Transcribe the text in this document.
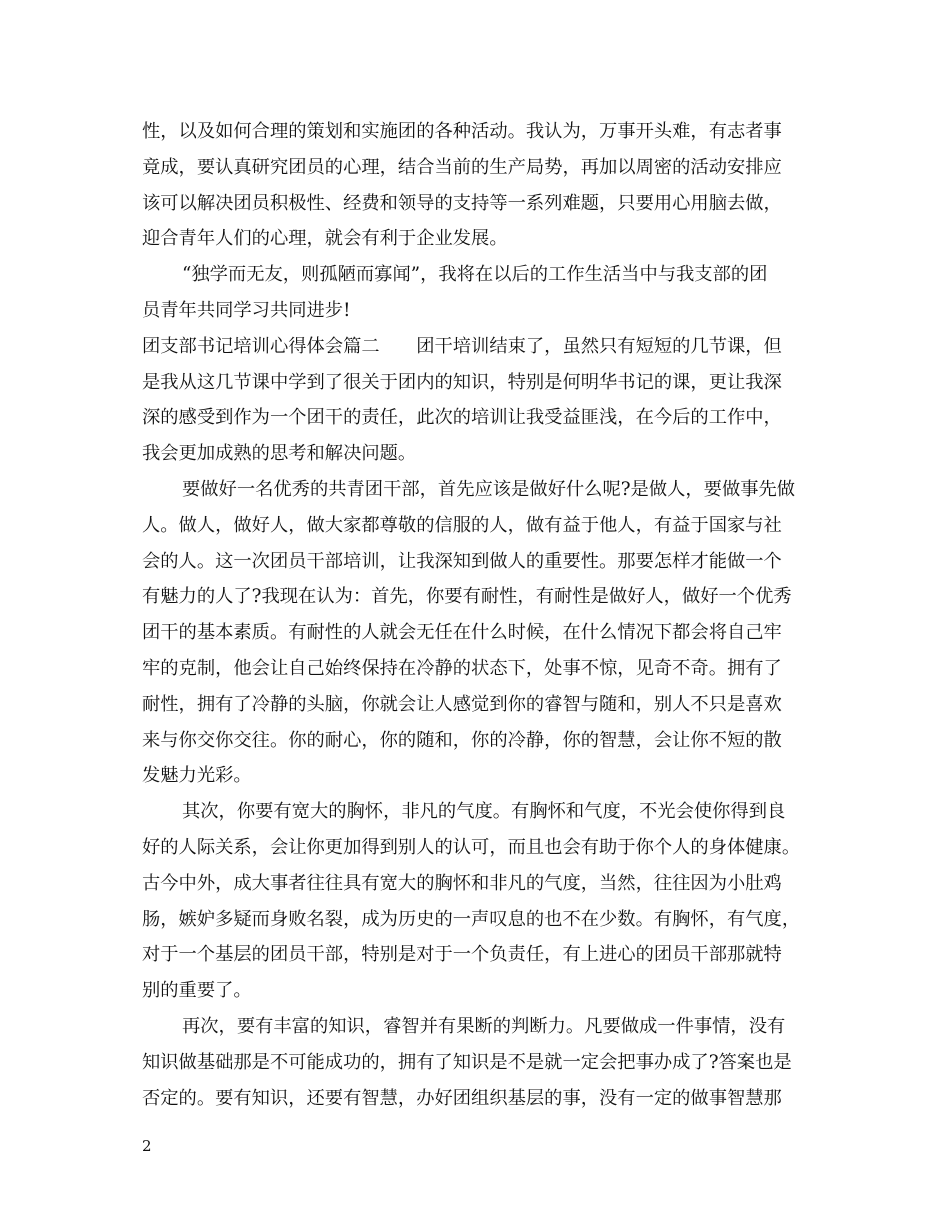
性，以及如何合理的策划和实施团的各种活动。我认为，万事开头难，有志者事
竟成，要认真研究团员的心理，结合当前的生产局势，再加以周密的活动安排应
该可以解决团员积极性、经费和领导的支持等一系列难题，只要用心用脑去做，
迎合青年人们的心理，就会有利于企业发展。
“独学而无友，则孤陋而寡闻”，我将在以后的工作生活当中与我支部的团
员青年共同学习共同进步!
团支部书记培训心得体会篇二　　团干培训结束了，虽然只有短短的几节课，但
是我从这几节课中学到了很关于团内的知识，特别是何明华书记的课，更让我深
深的感受到作为一个团干的责任，此次的培训让我受益匪浅，在今后的工作中，
我会更加成熟的思考和解决问题。
要做好一名优秀的共青团干部，首先应该是做好什么呢?是做人，要做事先做
人。做人，做好人，做大家都尊敬的信服的人，做有益于他人，有益于国家与社
会的人。这一次团员干部培训，让我深知到做人的重要性。那要怎样才能做一个
有魅力的人了?我现在认为：首先，你要有耐性，有耐性是做好人，做好一个优秀
团干的基本素质。有耐性的人就会无任在什么时候，在什么情况下都会将自己牢
牢的克制，他会让自己始终保持在冷静的状态下，处事不惊，见奇不奇。拥有了
耐性，拥有了冷静的头脑，你就会让人感觉到你的睿智与随和，别人不只是喜欢
来与你交你交往。你的耐心，你的随和，你的冷静，你的智慧，会让你不短的散
发魅力光彩。
其次，你要有宽大的胸怀，非凡的气度。有胸怀和气度，不光会使你得到良
好的人际关系，会让你更加得到别人的认可，而且也会有助于你个人的身体健康。
古今中外，成大事者往往具有宽大的胸怀和非凡的气度，当然，往往因为小肚鸡
肠，嫉妒多疑而身败名裂，成为历史的一声叹息的也不在少数。有胸怀，有气度，
对于一个基层的团员干部，特别是对于一个负责任，有上进心的团员干部那就特
别的重要了。
再次，要有丰富的知识，睿智并有果断的判断力。凡要做成一件事情，没有
知识做基础那是不可能成功的，拥有了知识是不是就一定会把事办成了?答案也是
否定的。要有知识，还要有智慧，办好团组织基层的事，没有一定的做事智慧那
2
